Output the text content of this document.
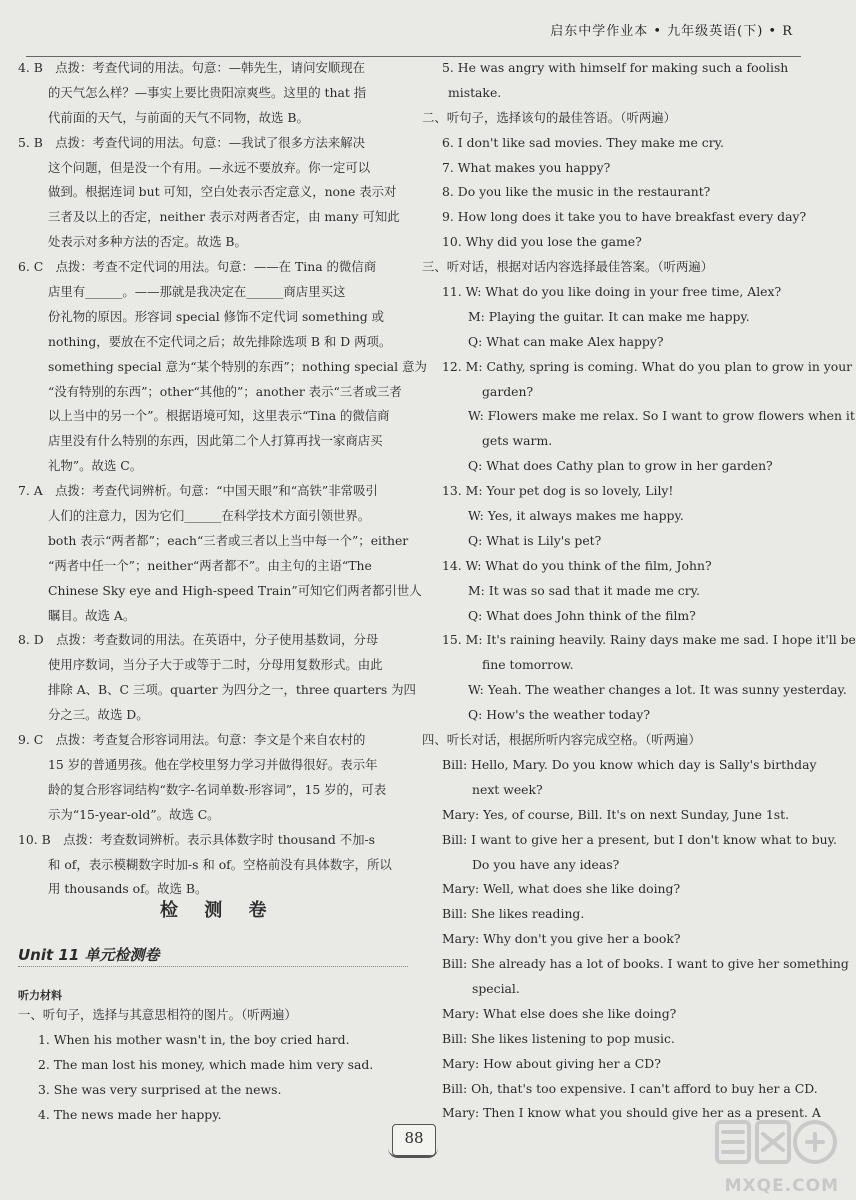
启东中学作业本 • 九年级英语(下) • R
4. B　点拨：考查代词的用法。句意：—韩先生，请问安顺现在
的天气怎么样？—事实上要比贵阳凉爽些。这里的 that 指
代前面的天气，与前面的天气不同物，故选 B。
5. B　点拨：考查代词的用法。句意：—我试了很多方法来解决
这个问题，但是没一个有用。—永远不要放弃。你一定可以
做到。根据连词 but 可知，空白处表示否定意义，none 表示对
三者及以上的否定，neither 表示对两者否定，由 many 可知此
处表示对多种方法的否定。故选 B。
6. C　点拨：考查不定代词的用法。句意：——在 Tina 的微信商
店里有______。——那就是我决定在______商店里买这
份礼物的原因。形容词 special 修饰不定代词 something 或
nothing，要放在不定代词之后；故先排除选项 B 和 D 两项。
something special 意为“某个特别的东西”；nothing special 意为
“没有特别的东西”；other“其他的”；another 表示“三者或三者
以上当中的另一个”。根据语境可知，这里表示“Tina 的微信商
店里没有什么特别的东西，因此第二个人打算再找一家商店买
礼物”。故选 C。
7. A　点拨：考查代词辨析。句意：“中国天眼”和“高铁”非常吸引
人们的注意力，因为它们______在科学技术方面引领世界。
both 表示“两者都”；each“三者或三者以上当中每一个”；either
“两者中任一个”；neither“两者都不”。由主句的主语“The
Chinese Sky eye and High-speed Train”可知它们两者都引世人
瞩目。故选 A。
8. D　点拨：考查数词的用法。在英语中，分子使用基数词，分母
使用序数词，当分子大于或等于二时，分母用复数形式。由此
排除 A、B、C 三项。quarter 为四分之一，three quarters 为四
分之三。故选 D。
9. C　点拨：考查复合形容词用法。句意：李文是个来自农村的
15 岁的普通男孩。他在学校里努力学习并做得很好。表示年
龄的复合形容词结构“数字-名词单数-形容词”，15 岁的，可表
示为“15-year-old”。故选 C。
10. B　点拨：考查数词辨析。表示具体数字时 thousand 不加-s
和 of，表示模糊数字时加-s 和 of。空格前没有具体数字，所以
用 thousands of。故选 B。
检 测 卷
Unit 11 单元检测卷
听力材料
一、听句子，选择与其意思相符的图片。（听两遍）
1. When his mother wasn't in, the boy cried hard.
2. The man lost his money, which made him very sad.
3. She was very surprised at the news.
4. The news made her happy.
5. He was angry with himself for making such a foolish
mistake.
二、听句子，选择该句的最佳答语。（听两遍）
6. I don't like sad movies. They make me cry.
7. What makes you happy?
8. Do you like the music in the restaurant?
9. How long does it take you to have breakfast every day?
10. Why did you lose the game?
三、听对话，根据对话内容选择最佳答案。（听两遍）
11. W: What do you like doing in your free time, Alex?
M: Playing the guitar. It can make me happy.
Q: What can make Alex happy?
12. M: Cathy, spring is coming. What do you plan to grow in your
garden?
W: Flowers make me relax. So I want to grow flowers when it
gets warm.
Q: What does Cathy plan to grow in her garden?
13. M: Your pet dog is so lovely, Lily!
W: Yes, it always makes me happy.
Q: What is Lily's pet?
14. W: What do you think of the film, John?
M: It was so sad that it made me cry.
Q: What does John think of the film?
15. M: It's raining heavily. Rainy days make me sad. I hope it'll be
fine tomorrow.
W: Yeah. The weather changes a lot. It was sunny yesterday.
Q: How's the weather today?
四、听长对话，根据所听内容完成空格。（听两遍）
Bill: Hello, Mary. Do you know which day is Sally's birthday
next week?
Mary: Yes, of course, Bill. It's on next Sunday, June 1st.
Bill: I want to give her a present, but I don't know what to buy.
Do you have any ideas?
Mary: Well, what does she like doing?
Bill: She likes reading.
Mary: Why don't you give her a book?
Bill: She already has a lot of books. I want to give her something
special.
Mary: What else does she like doing?
Bill: She likes listening to pop music.
Mary: How about giving her a CD?
Bill: Oh, that's too expensive. I can't afford to buy her a CD.
Mary: Then I know what you should give her as a present. A
88
MXQE.COM
